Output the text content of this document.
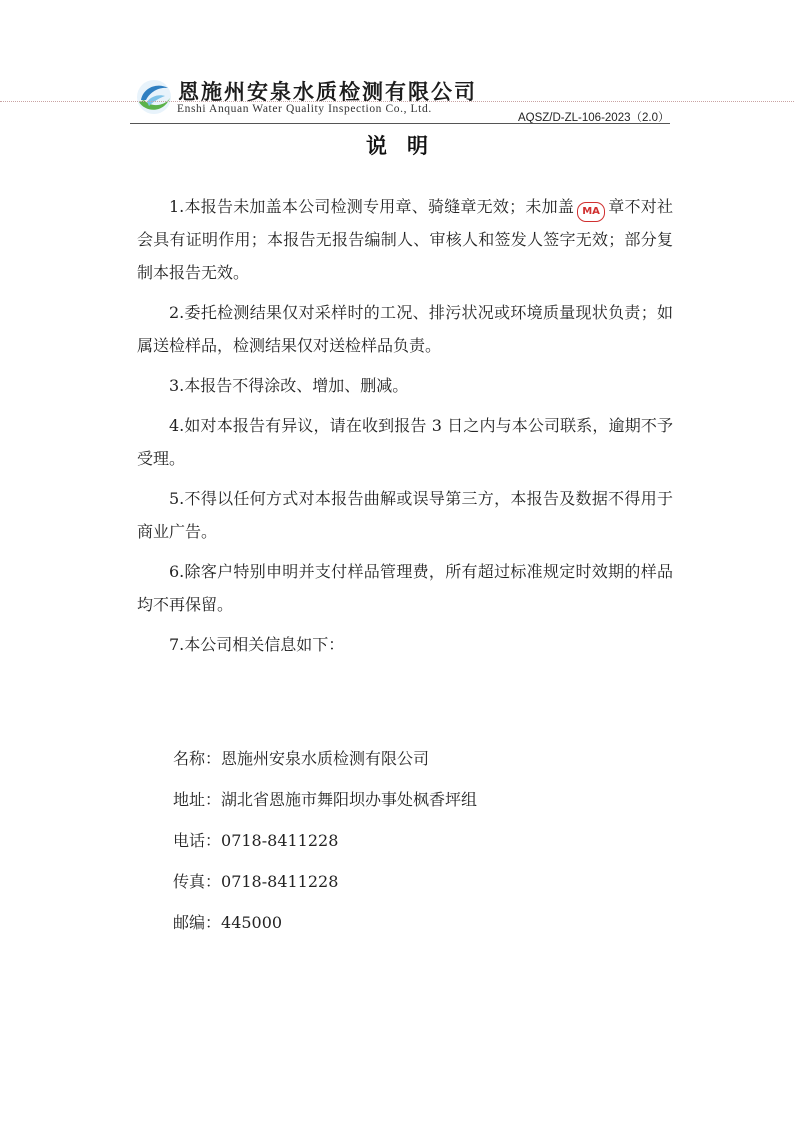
恩施州安泉水质检测有限公司
Enshi Anquan Water Quality Inspection Co., Ltd.
AQSZ/D-ZL-106-2023（2.0）
说明

1.本报告未加盖本公司检测专用章、骑缝章无效；未加盖 MA 章不对社会具有证明作用；本报告无报告编制人、审核人和签发人签字无效；部分复制本报告无效。

2.委托检测结果仅对采样时的工况、排污状况或环境质量现状负责；如属送检样品，检测结果仅对送检样品负责。

3.本报告不得涂改、增加、删减。

4.如对本报告有异议，请在收到报告 3 日之内与本公司联系，逾期不予受理。

5.不得以任何方式对本报告曲解或误导第三方，本报告及数据不得用于商业广告。

6.除客户特别申明并支付样品管理费，所有超过标准规定时效期的样品均不再保留。

7.本公司相关信息如下：

名称：恩施州安泉水质检测有限公司
地址：湖北省恩施市舞阳坝办事处枫香坪组
电话：0718-8411228
传真：0718-8411228
邮编：445000
